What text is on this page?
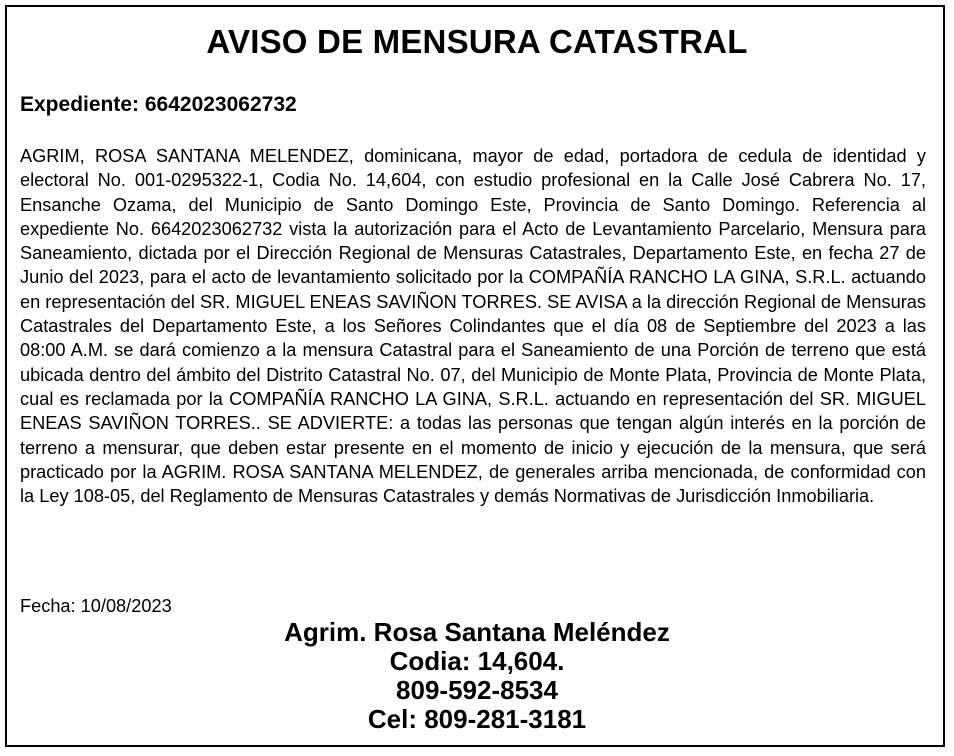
AVISO DE MENSURA CATASTRAL
Expediente: 6642023062732
AGRIM, ROSA SANTANA MELENDEZ, dominicana, mayor de edad, portadora de cedula de identidad y electoral No. 001-0295322-1, Codia No. 14,604, con estudio profesional en la Calle José Cabrera No. 17, Ensanche Ozama, del Municipio de Santo Domingo Este, Provincia de Santo Domingo. Referencia al expediente No. 6642023062732 vista la autorización para el Acto de Levantamiento Parcelario, Mensura para Saneamiento, dictada por el Dirección Regional de Mensuras Catastrales, Departamento Este, en fecha 27 de Junio del 2023, para el acto de levantamiento solicitado por la COMPAÑÍA RANCHO LA GINA, S.R.L. actuando en representación del SR. MIGUEL ENEAS SAVIÑON TORRES. SE AVISA a la dirección Regional de Mensuras Catastrales del Departamento Este, a los Señores Colindantes que el día 08 de Septiembre del 2023 a las 08:00 A.M. se dará comienzo a la mensura Catastral para el Saneamiento de una Porción de terreno que está ubicada dentro del ámbito del Distrito Catastral No. 07, del Municipio de Monte Plata, Provincia de Monte Plata, cual es reclamada por la COMPAÑÍA RANCHO LA GINA, S.R.L. actuando en representación del SR. MIGUEL ENEAS SAVIÑON TORRES.. SE ADVIERTE: a todas las personas que tengan algún interés en la porción de terreno a mensurar, que deben estar presente en el momento de inicio y ejecución de la mensura, que será practicado por la AGRIM. ROSA SANTANA MELENDEZ, de generales arriba mencionada, de conformidad con la Ley 108-05, del Reglamento de Mensuras Catastrales y demás Normativas de Jurisdicción Inmobiliaria.
Fecha: 10/08/2023
Agrim. Rosa Santana Meléndez
Codia: 14,604.
809-592-8534
Cel: 809-281-3181
